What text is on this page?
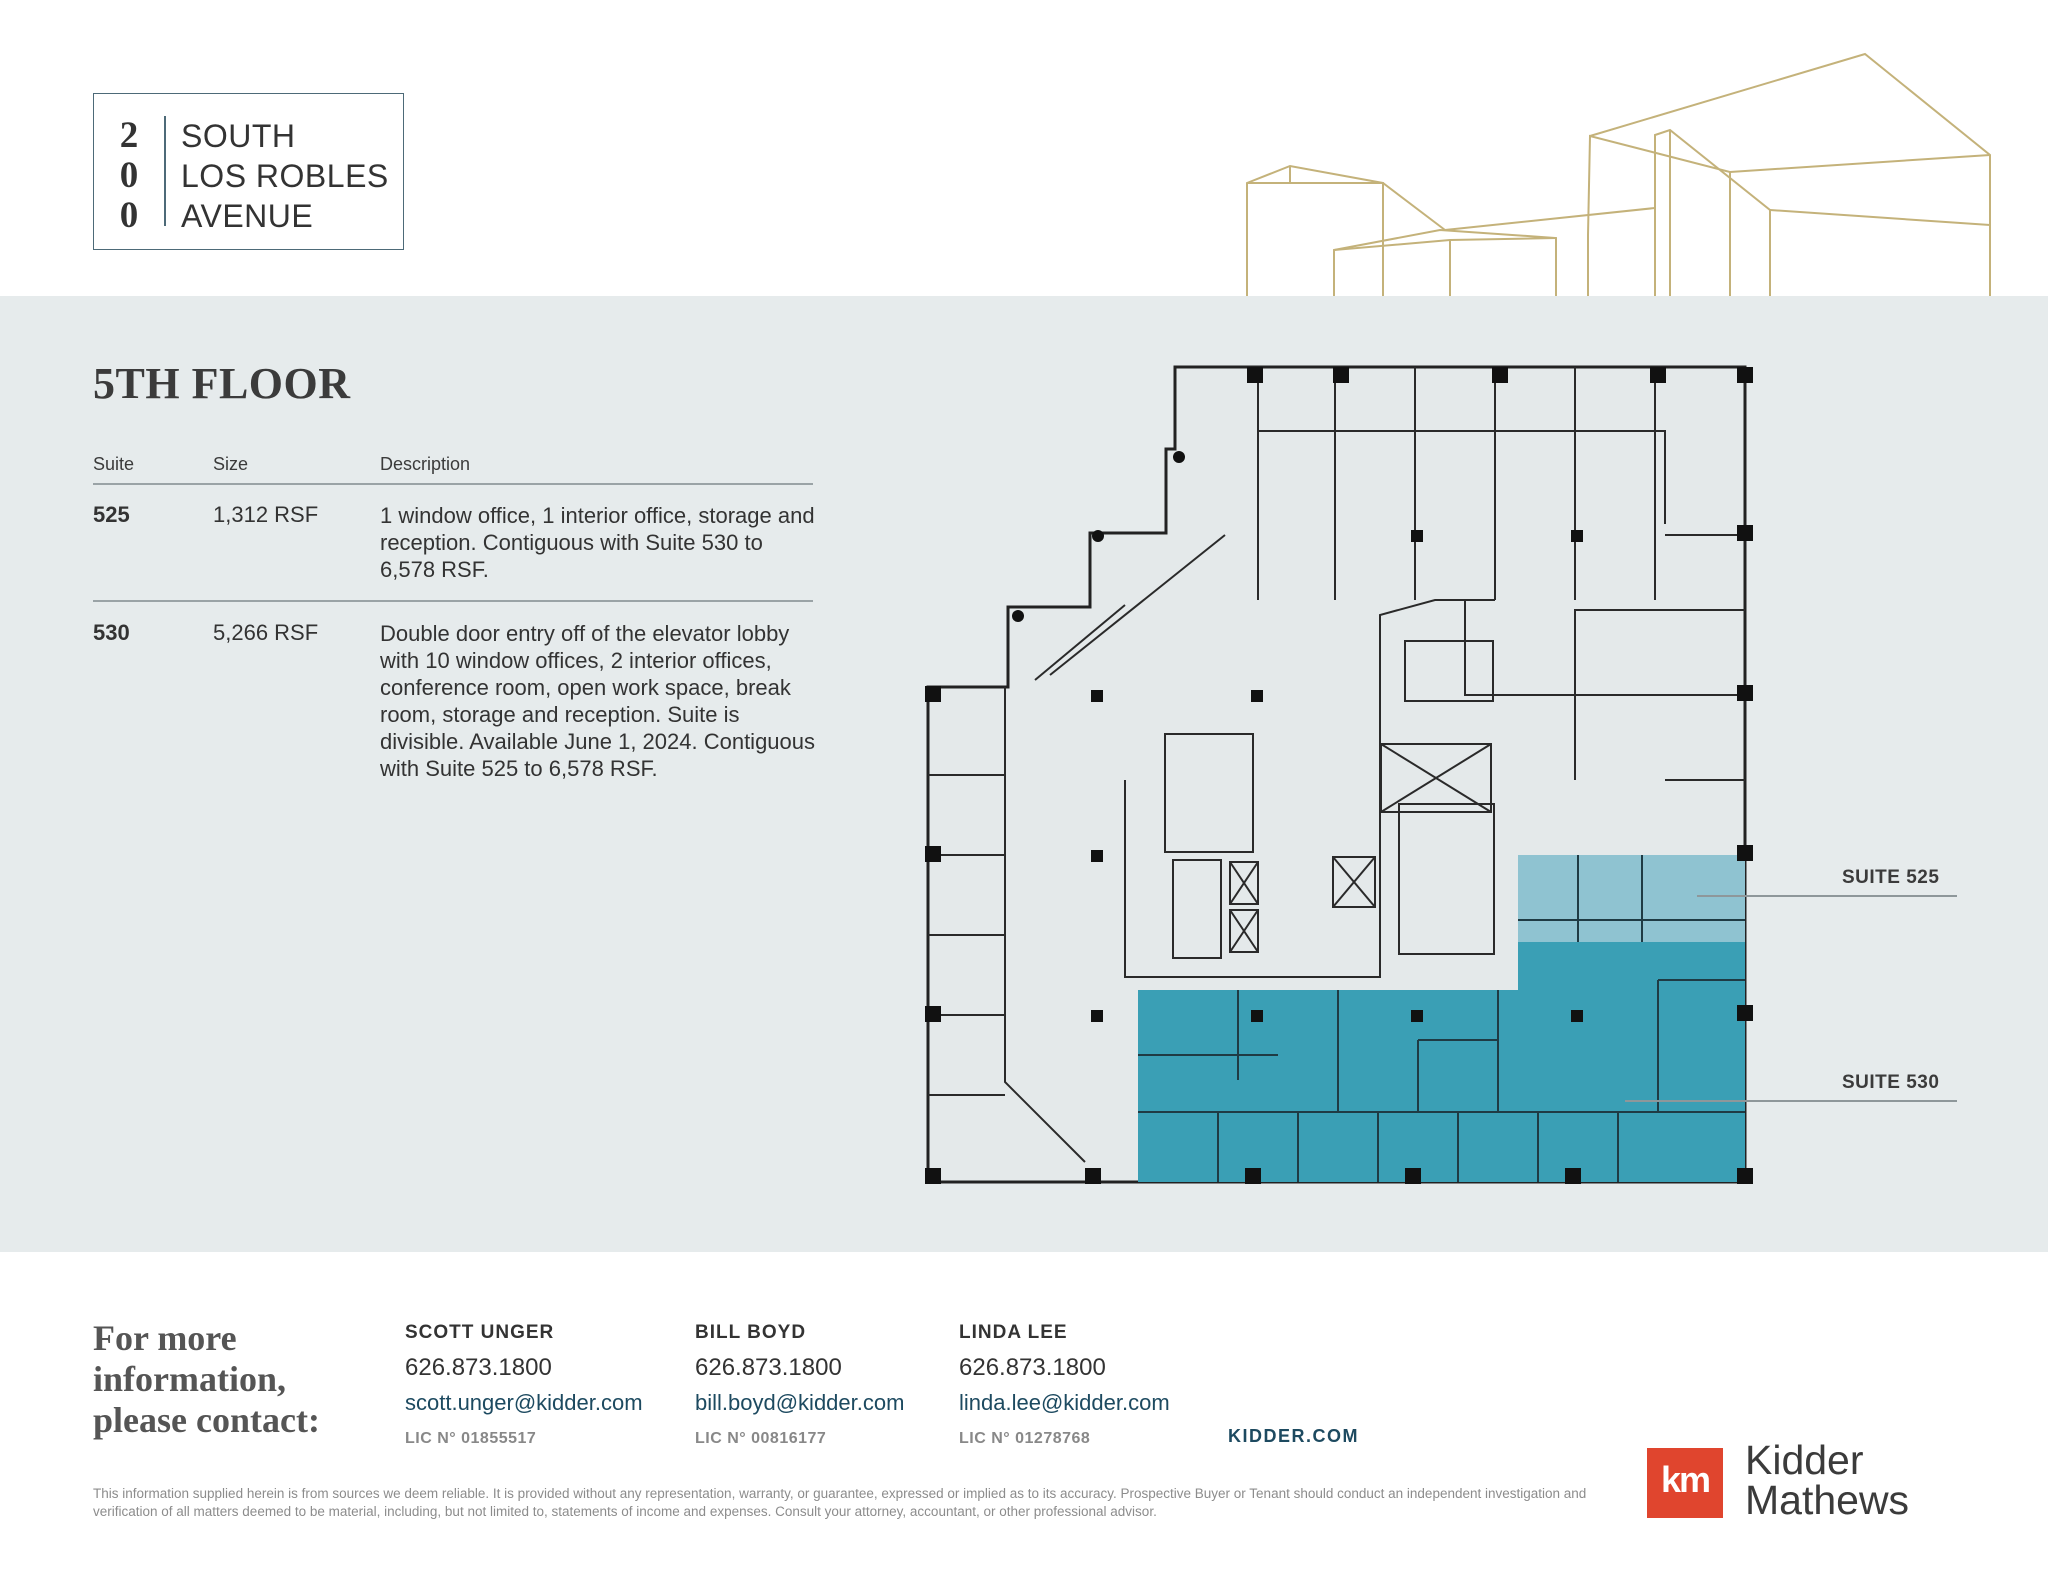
2
0
0
SOUTH
LOS ROBLES
AVENUE
5TH FLOOR
Suite	Size	Description
525	1,312 RSF	1 window office, 1 interior office, storage and reception. Contiguous with Suite 530 to 6,578 RSF.
530	5,266 RSF	Double door entry off of the elevator lobby with 10 window offices, 2 interior offices, conference room, open work space, break room, storage and reception. Suite is divisible. Available June 1, 2024. Contiguous with Suite 525 to 6,578 RSF.
SUITE 525
SUITE 530
For more
information,
please contact:
SCOTT UNGER
626.873.1800
scott.unger@kidder.com
LIC N° 01855517
BILL BOYD
626.873.1800
bill.boyd@kidder.com
LIC N° 00816177
LINDA LEE
626.873.1800
linda.lee@kidder.com
LIC N° 01278768	KIDDER.COM
This information supplied herein is from sources we deem reliable. It is provided without any representation, warranty, or guarantee, expressed or implied as to its accuracy. Prospective Buyer or Tenant should conduct an independent investigation and verification of all matters deemed to be material, including, but not limited to, statements of income and expenses. Consult your attorney, accountant, or other professional advisor.
km Kidder
Mathews
